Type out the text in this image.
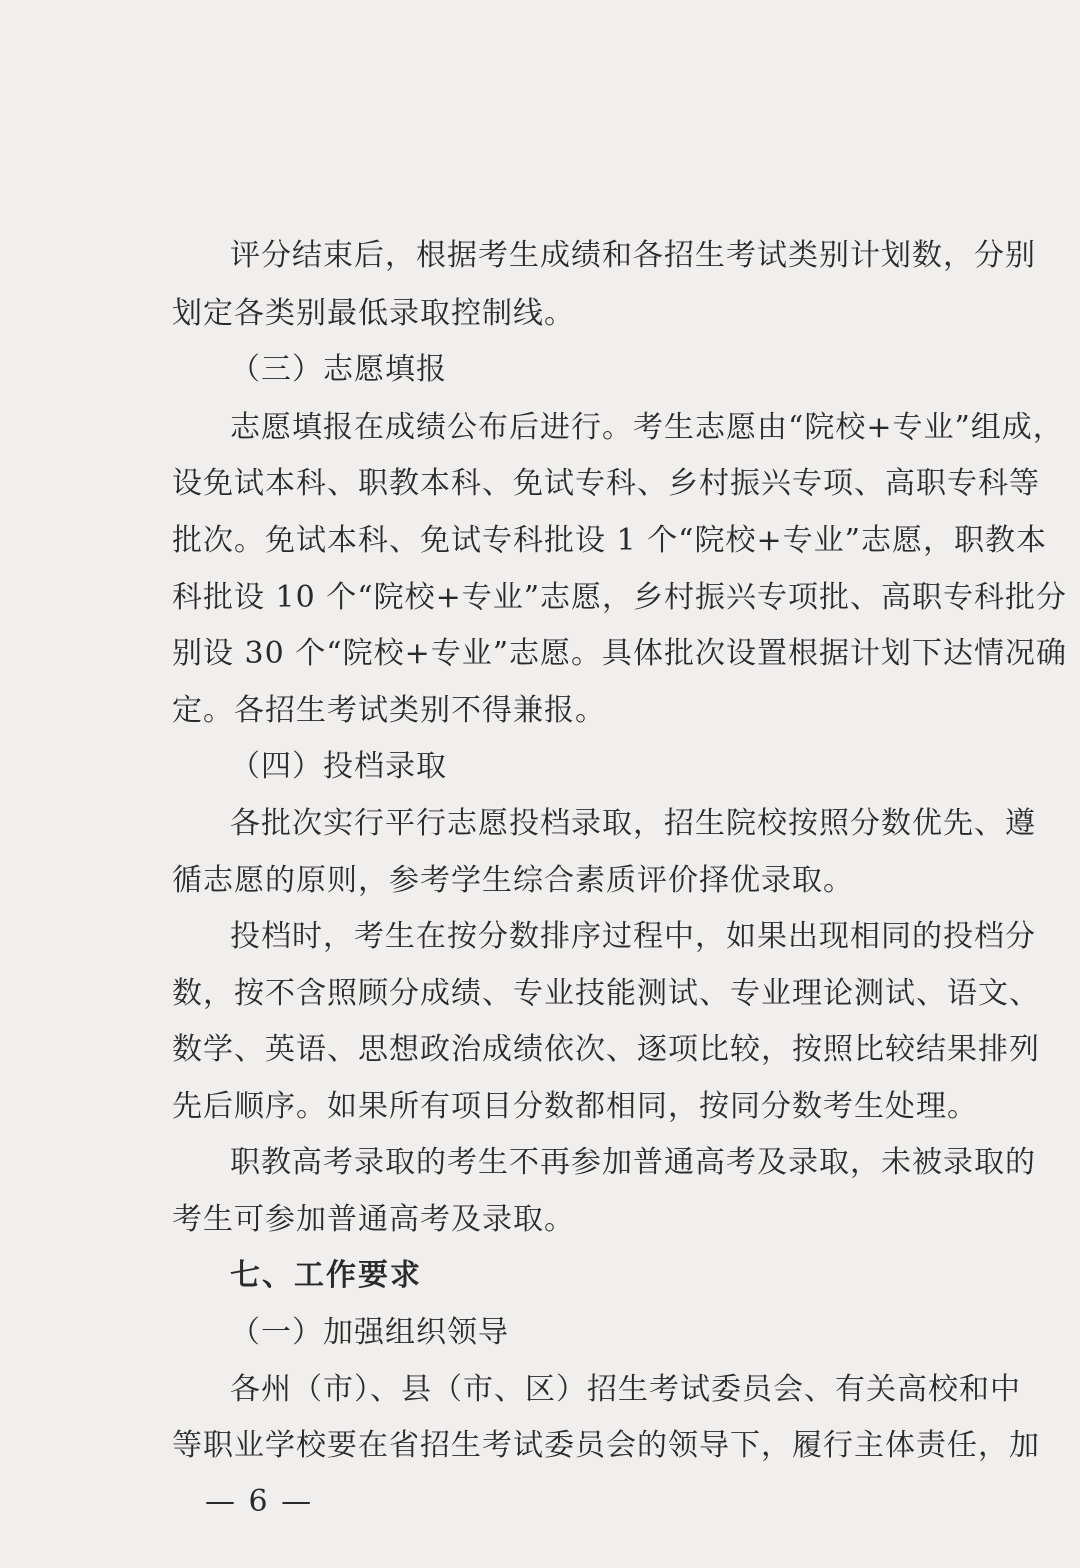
评分结束后，根据考生成绩和各招生考试类别计划数，分别
划定各类别最低录取控制线。
（三）志愿填报
志愿填报在成绩公布后进行。考生志愿由“院校+专业”组成，
设免试本科、职教本科、免试专科、乡村振兴专项、高职专科等
批次。免试本科、免试专科批设 1 个“院校+专业”志愿，职教本
科批设 10 个“院校+专业”志愿，乡村振兴专项批、高职专科批分
别设 30 个“院校+专业”志愿。具体批次设置根据计划下达情况确
定。各招生考试类别不得兼报。
（四）投档录取
各批次实行平行志愿投档录取，招生院校按照分数优先、遵
循志愿的原则，参考学生综合素质评价择优录取。
投档时，考生在按分数排序过程中，如果出现相同的投档分
数，按不含照顾分成绩、专业技能测试、专业理论测试、语文、
数学、英语、思想政治成绩依次、逐项比较，按照比较结果排列
先后顺序。如果所有项目分数都相同，按同分数考生处理。
职教高考录取的考生不再参加普通高考及录取，未被录取的
考生可参加普通高考及录取。
七、工作要求
（一）加强组织领导
各州（市）、县（市、区）招生考试委员会、有关高校和中
等职业学校要在省招生考试委员会的领导下，履行主体责任，加
— 6 —
